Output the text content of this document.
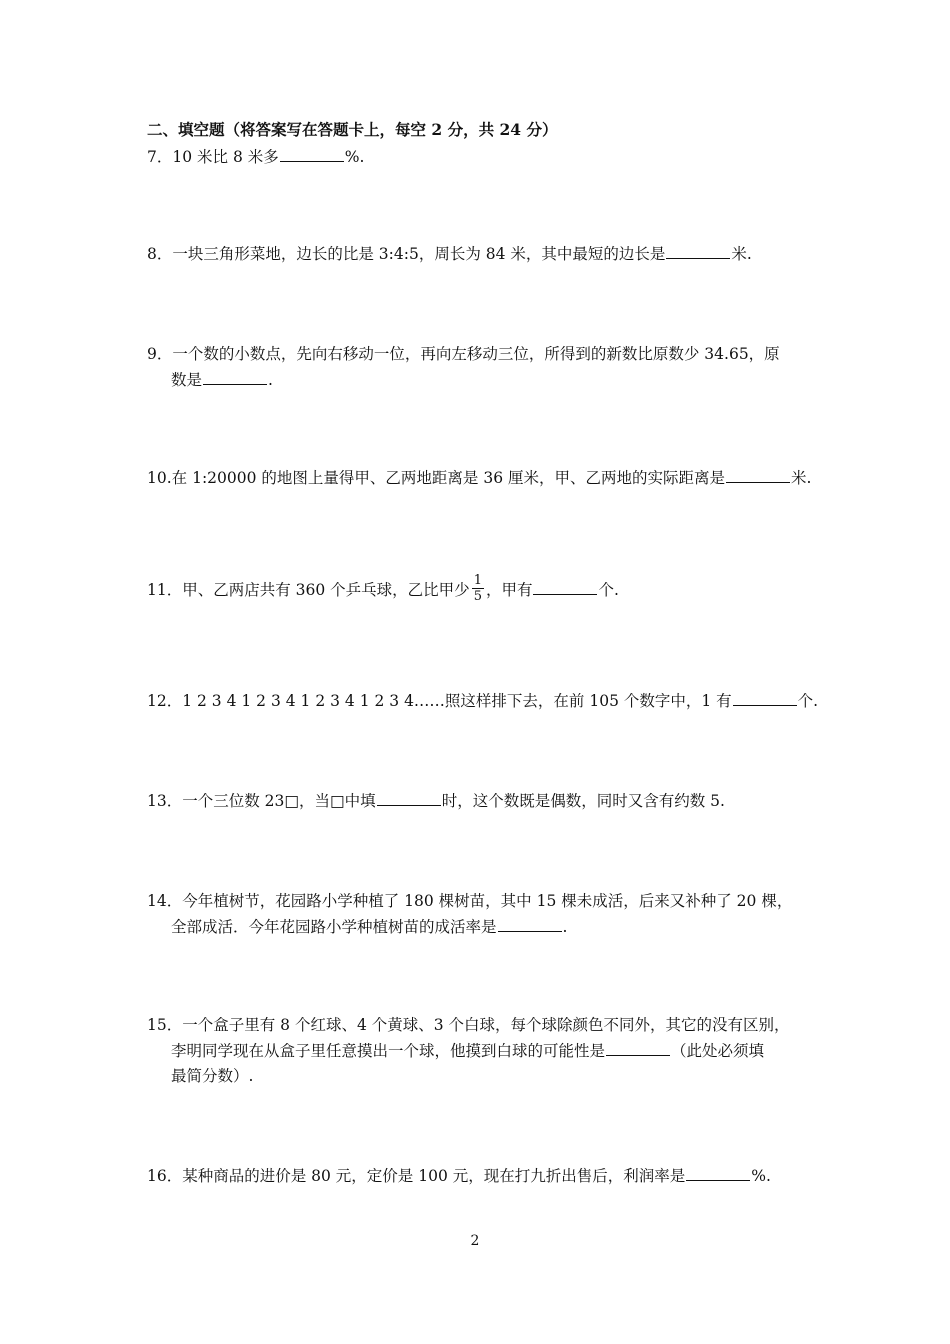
二、填空题（将答案写在答题卡上，每空 2 分，共 24 分）
7．10 米比 8 米多	%.
8．一块三角形菜地，边长的比是 3:4:5，周长为 84 米，其中最短的边长是	米.
9．一个数的小数点，先向右移动一位，再向左移动三位，所得到的新数比原数少 34.65，原
数是	.
10.在 1:20000 的地图上量得甲、乙两地距离是 36 厘米，甲、乙两地的实际距离是	米.
11．甲、乙两店共有 360 个乒乓球，乙比甲少 $\frac{1}{5}$ ，甲有	个.
12．1 2 3 4 1 2 3 4 1 2 3 4 1 2 3 4……照这样排下去，在前 105 个数字中，1 有	个.
13．一个三位数 23□，当□中填	时，这个数既是偶数，同时又含有约数 5.
14．今年植树节，花园路小学种植了 180 棵树苗，其中 15 棵未成活，后来又补种了 20 棵，
全部成活．今年花园路小学种植树苗的成活率是	.
15．一个盒子里有 8 个红球、4 个黄球、3 个白球，每个球除颜色不同外，其它的没有区别，
李明同学现在从盒子里任意摸出一个球，他摸到白球的可能性是	（此处必须填
最简分数）.
16．某种商品的进价是 80 元，定价是 100 元，现在打九折出售后，利润率是	%.
2
